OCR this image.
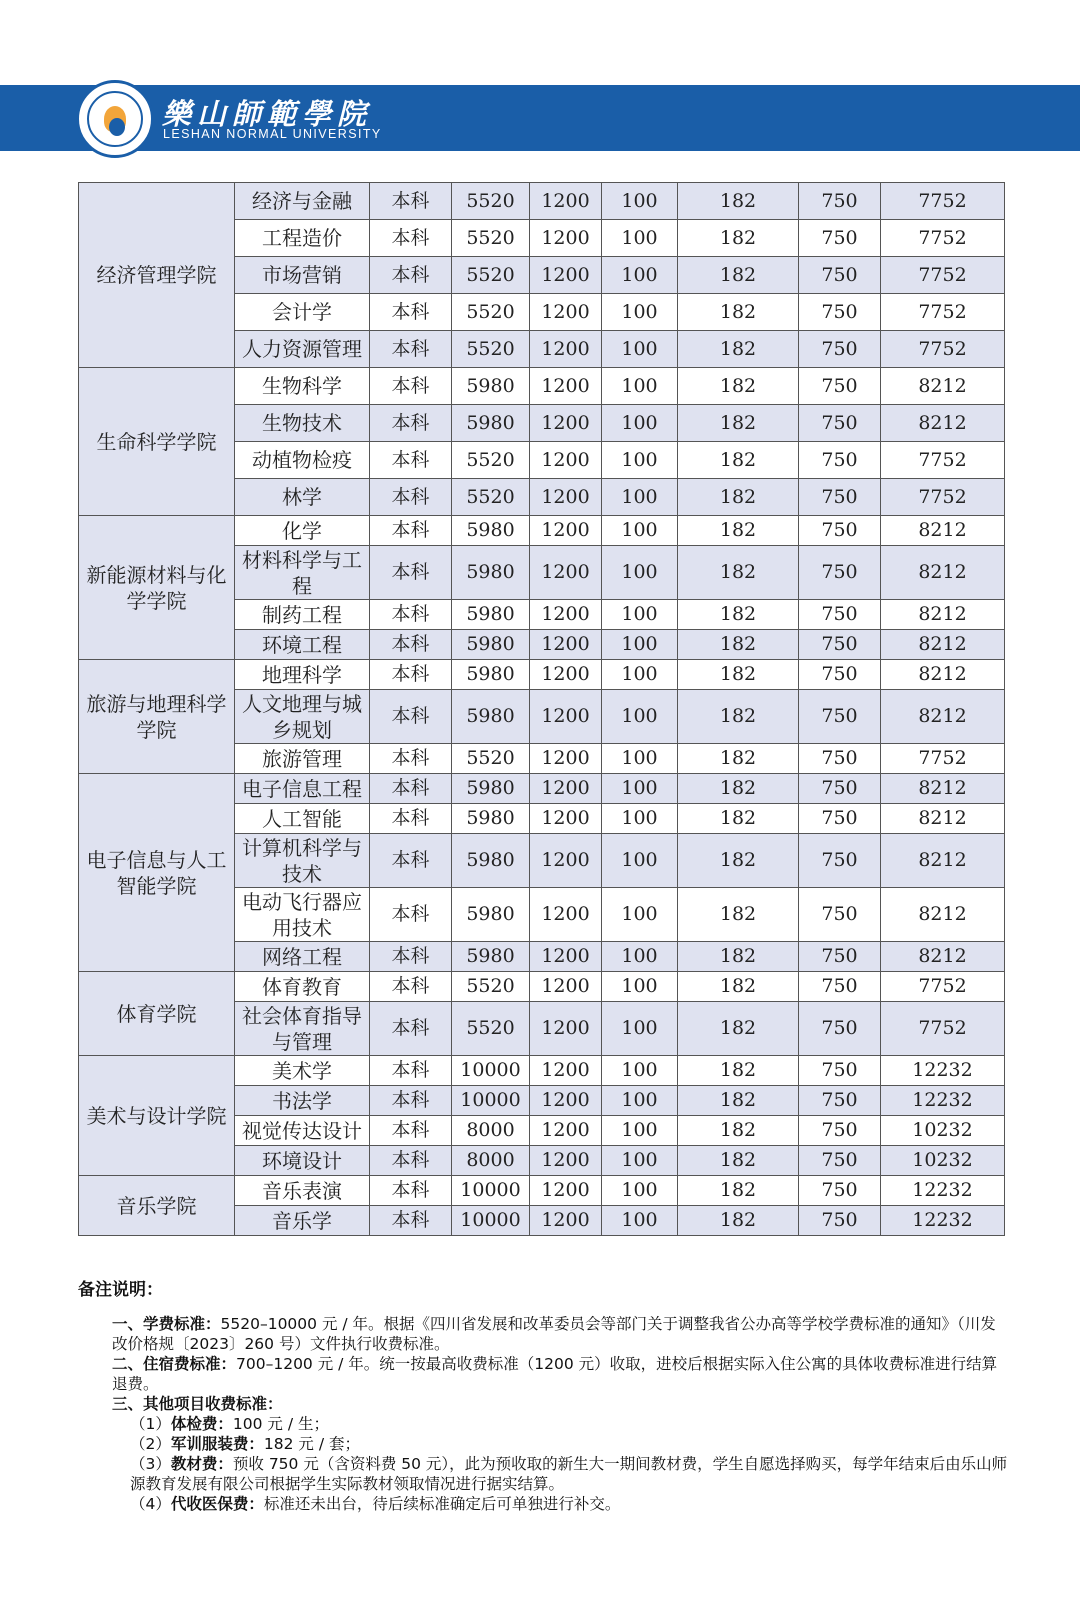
樂山師範學院
LESHAN NORMAL UNIVERSITY
经济管理学院	经济与金融	本科	5520	1200	100	182	750	7752
	工程造价	本科	5520	1200	100	182	750	7752
	市场营销	本科	5520	1200	100	182	750	7752
	会计学	本科	5520	1200	100	182	750	7752
	人力资源管理	本科	5520	1200	100	182	750	7752
生命科学学院	生物科学	本科	5980	1200	100	182	750	8212
	生物技术	本科	5980	1200	100	182	750	8212
	动植物检疫	本科	5520	1200	100	182	750	7752
	林学	本科	5520	1200	100	182	750	7752
新能源材料与化学学院	化学	本科	5980	1200	100	182	750	8212
	材料科学与工程	本科	5980	1200	100	182	750	8212
	制药工程	本科	5980	1200	100	182	750	8212
	环境工程	本科	5980	1200	100	182	750	8212
旅游与地理科学学院	地理科学	本科	5980	1200	100	182	750	8212
	人文地理与城乡规划	本科	5980	1200	100	182	750	8212
	旅游管理	本科	5520	1200	100	182	750	7752
电子信息与人工智能学院	电子信息工程	本科	5980	1200	100	182	750	8212
	人工智能	本科	5980	1200	100	182	750	8212
	计算机科学与技术	本科	5980	1200	100	182	750	8212
	电动飞行器应用技术	本科	5980	1200	100	182	750	8212
	网络工程	本科	5980	1200	100	182	750	8212
体育学院	体育教育	本科	5520	1200	100	182	750	7752
	社会体育指导与管理	本科	5520	1200	100	182	750	7752
美术与设计学院	美术学	本科	10000	1200	100	182	750	12232
	书法学	本科	10000	1200	100	182	750	12232
	视觉传达设计	本科	8000	1200	100	182	750	10232
	环境设计	本科	8000	1200	100	182	750	10232
音乐学院	音乐表演	本科	10000	1200	100	182	750	12232
	音乐学	本科	10000	1200	100	182	750	12232

备注说明：

一、学费标准：5520–10000 元 / 年。根据《四川省发展和改革委员会等部门关于调整我省公办高等学校学费标准的通知》（川发改价格规〔2023〕260 号）文件执行收费标准。

二、住宿费标准：700–1200 元 / 年。统一按最高收费标准（1200 元）收取，进校后根据实际入住公寓的具体收费标准进行结算退费。

三、其他项目收费标准：

（1）体检费：100 元 / 生；

（2）军训服装费：182 元 / 套；

（3）教材费：预收 750 元（含资料费 50 元），此为预收取的新生大一期间教材费，学生自愿选择购买，每学年结束后由乐山师源教育发展有限公司根据学生实际教材领取情况进行据实结算。

（4）代收医保费：标准还未出台，待后续标准确定后可单独进行补交。
